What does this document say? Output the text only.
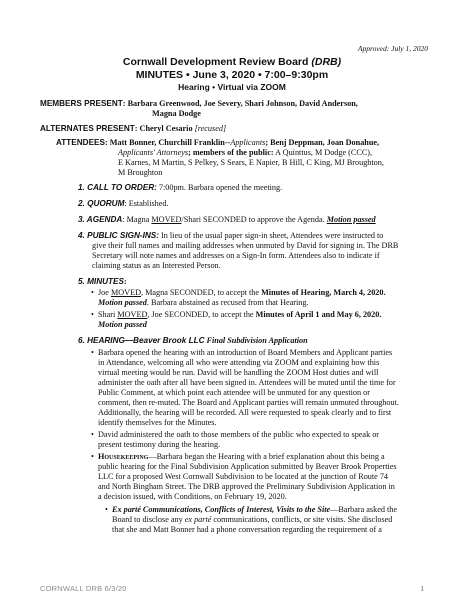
Approved: July 1, 2020
Cornwall Development Review Board (DRB)
MINUTES • June 3, 2020 • 7:00–9:30pm
Hearing • Virtual via ZOOM
MEMBERS PRESENT: Barbara Greenwood, Joe Severy, Shari Johnson, David Anderson,
Magna Dodge
ALTERNATES PRESENT: Cheryl Cesario [recused]
ATTENDEES: Matt Bonner, Churchill Franklin--Applicants; Benj Deppman, Joan Donahue,
Applicants' Attorneys; members of the public: A Quinttus, M Dodge (CCC),
E Karnes, M Martin, S Pelkey, S Sears, E Napier, B Hill, C King, MJ Broughton,
M Broughton
1. CALL TO ORDER: 7:00pm. Barbara opened the meeting.
2. QUORUM: Established.
3. AGENDA: Magna MOVED/Shari SECONDED to approve the Agenda. Motion passed
4. PUBLIC SIGN-INS: In lieu of the usual paper sign-in sheet, Attendees were instructed to
give their full names and mailing addresses when unmuted by David for signing in. The DRB
Secretary will note names and addresses on a Sign-In form. Attendees also to indicate if
claiming status as an Interested Person.
5. MINUTES:
• Joe MOVED, Magna SECONDED, to accept the Minutes of Hearing, March 4, 2020.
Motion passed. Barbara abstained as recused from that Hearing.
• Shari MOVED, Joe SECONDED, to accept the Minutes of April 1 and May 6, 2020.
Motion passed
6. HEARING—Beaver Brook LLC Final Subdivision Application
• Barbara opened the hearing with an introduction of Board Members and Applicant parties
in Attendance, welcoming all who were attending via ZOOM and explaining how this
virtual meeting would be run. David will be handling the ZOOM Host duties and will
administer the oath after all have been signed in. Attendees will be muted until the time for
Public Comment, at which point each attendee will be unmuted for any question or
comment, then re-muted. The Board and Applicant parties will remain unmuted throughout.
Additionally, the hearing will be recorded. All were requested to speak clearly and to first
identify themselves for the Minutes.
• David administered the oath to those members of the public who expected to speak or
present testimony during the hearing.
• Housekeeping—Barbara began the Hearing with a brief explanation about this being a
public hearing for the Final Subdivision Application submitted by Beaver Brook Properties
LLC for a proposed West Cornwall Subdivision to be located at the junction of Route 74
and North Bingham Street. The DRB approved the Preliminary Subdivision Application in
a decision issued, with Conditions, on February 19, 2020.
• Ex parté Communications, Conflicts of Interest, Visits to the Site—Barbara asked the
Board to disclose any ex parté communications, conflicts, or site visits. She disclosed
that she and Matt Bonner had a phone conversation regarding the requirement of a
CORNWALL DRB 6/3/20	1
